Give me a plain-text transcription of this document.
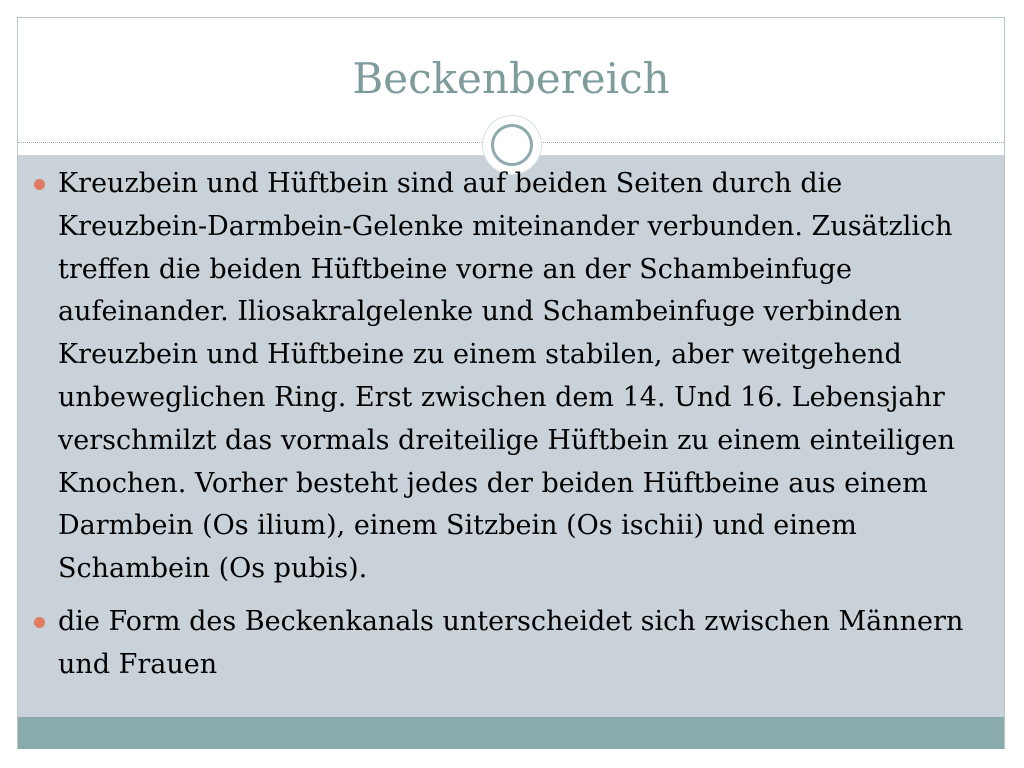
Beckenbereich
Kreuzbein und Hüftbein sind auf beiden Seiten durch die Kreuzbein-Darmbein-Gelenke miteinander verbunden. Zusätzlich treffen die beiden Hüftbeine vorne an der Schambeinfuge aufeinander. Iliosakralgelenke und Schambeinfuge verbinden Kreuzbein und Hüftbeine zu einem stabilen, aber weitgehend unbeweglichen Ring. Erst zwischen dem 14. Und 16. Lebensjahr verschmilzt das vormals dreiteilige Hüftbein zu einem einteiligen Knochen. Vorher besteht jedes der beiden Hüftbeine aus einem Darmbein (Os ilium), einem Sitzbein (Os ischii) und einem Schambein (Os pubis).
die Form des Beckenkanals unterscheidet sich zwischen Männern und Frauen
